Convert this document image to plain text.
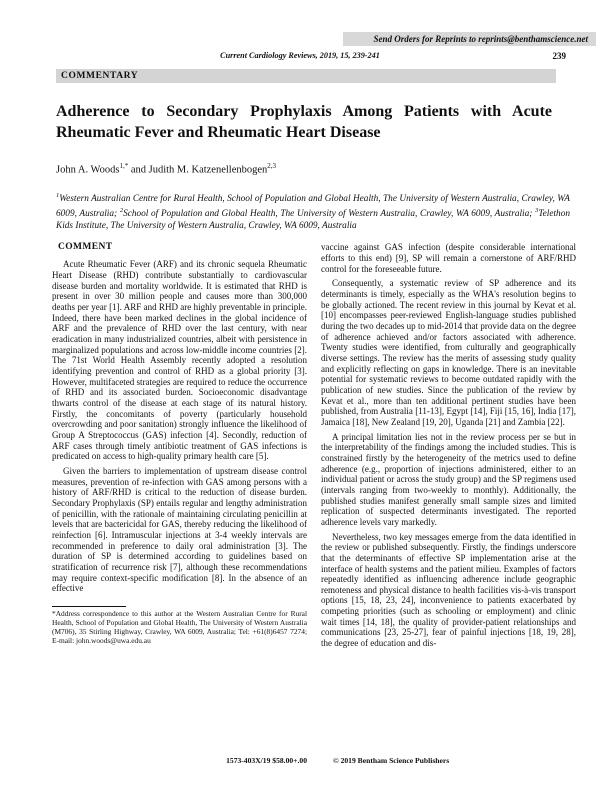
Send Orders for Reprints to reprints@benthamscience.net
Current Cardiology Reviews, 2019, 15, 239-241	239
COMMENTARY
Adherence to Secondary Prophylaxis Among Patients with Acute Rheumatic Fever and Rheumatic Heart Disease

John A. Woods$^{1,*}$ and Judith M. Katzenellenbogen$^{2,3}$

$^1$Western Australian Centre for Rural Health, School of Population and Global Health, The University of Western Australia, Crawley, WA 6009, Australia; $^2$School of Population and Global Health, The University of Western Australia, Crawley, WA 6009, Australia; $^3$Telethon Kids Institute, The University of Western Australia, Crawley, WA 6009, Australia

COMMENT

Acute Rheumatic Fever (ARF) and its chronic sequela Rheumatic Heart Disease (RHD) contribute substantially to cardiovascular disease burden and mortality worldwide. It is estimated that RHD is present in over 30 million people and causes more than 300,000 deaths per year [1]. ARF and RHD are highly preventable in principle. Indeed, there have been marked declines in the global incidence of ARF and the prevalence of RHD over the last century, with near eradication in many industrialized countries, albeit with persistence in marginalized populations and across low-middle income countries [2]. The 71st World Health Assembly recently adopted a resolution identifying prevention and control of RHD as a global priority [3]. However, multifaceted strategies are required to reduce the occurrence of RHD and its associated burden. Socioeconomic disadvantage thwarts control of the disease at each stage of its natural history. Firstly, the concomitants of poverty (particularly household overcrowding and poor sanitation) strongly influence the likelihood of Group A Streptococcus (GAS) infection [4]. Secondly, reduction of ARF cases through timely antibiotic treatment of GAS infections is predicated on access to high-quality primary health care [5].

Given the barriers to implementation of upstream disease control measures, prevention of re-infection with GAS among persons with a history of ARF/RHD is critical to the reduction of disease burden. Secondary Prophylaxis (SP) entails regular and lengthy administration of penicillin, with the rationale of maintaining circulating penicillin at levels that are bactericidal for GAS, thereby reducing the likelihood of reinfection [6]. Intramuscular injections at 3-4 weekly intervals are recommended in preference to daily oral administration [3]. The duration of SP is determined according to guidelines based on stratification of recurrence risk [7], although these recommendations may require context-specific modification [8]. In the absence of an effective

*Address correspondence to this author at the Western Australian Centre for Rural Health, School of Population and Global Health, The University of Western Australia (M706), 35 Stirling Highway, Crawley, WA 6009, Australia; Tel: +61(8)6457 7274; E-mail: john.woods@uwa.edu.au

vaccine against GAS infection (despite considerable international efforts to this end) [9], SP will remain a cornerstone of ARF/RHD control for the foreseeable future.

Consequently, a systematic review of SP adherence and its determinants is timely, especially as the WHA's resolution begins to be globally actioned. The recent review in this journal by Kevat et al. [10] encompasses peer-reviewed English-language studies published during the two decades up to mid-2014 that provide data on the degree of adherence achieved and/or factors associated with adherence. Twenty studies were identified, from culturally and geographically diverse settings. The review has the merits of assessing study quality and explicitly reflecting on gaps in knowledge. There is an inevitable potential for systematic reviews to become outdated rapidly with the publication of new studies. Since the publication of the review by Kevat et al., more than ten additional pertinent studies have been published, from Australia [11-13], Egypt [14], Fiji [15, 16], India [17], Jamaica [18], New Zealand [19, 20], Uganda [21] and Zambia [22].

A principal limitation lies not in the review process per se but in the interpretability of the findings among the included studies. This is constrained firstly by the heterogeneity of the metrics used to define adherence (e.g., proportion of injections administered, either to an individual patient or across the study group) and the SP regimens used (intervals ranging from two-weekly to monthly). Additionally, the published studies manifest generally small sample sizes and limited replication of suspected determinants investigated. The reported adherence levels vary markedly.

Nevertheless, two key messages emerge from the data identified in the review or published subsequently. Firstly, the findings underscore that the determinants of effective SP implementation arise at the interface of health systems and the patient milieu. Examples of factors repeatedly identified as influencing adherence include geographic remoteness and physical distance to health facilities vis-à-vis transport options [15, 18, 23, 24], inconvenience to patients exacerbated by competing priorities (such as schooling or employment) and clinic wait times [14, 18], the quality of provider-patient relationships and communications [23, 25-27], fear of painful injections [18, 19, 28], the degree of education and dis-

1573-403X/19 $58.00+.00	© 2019 Bentham Science Publishers
